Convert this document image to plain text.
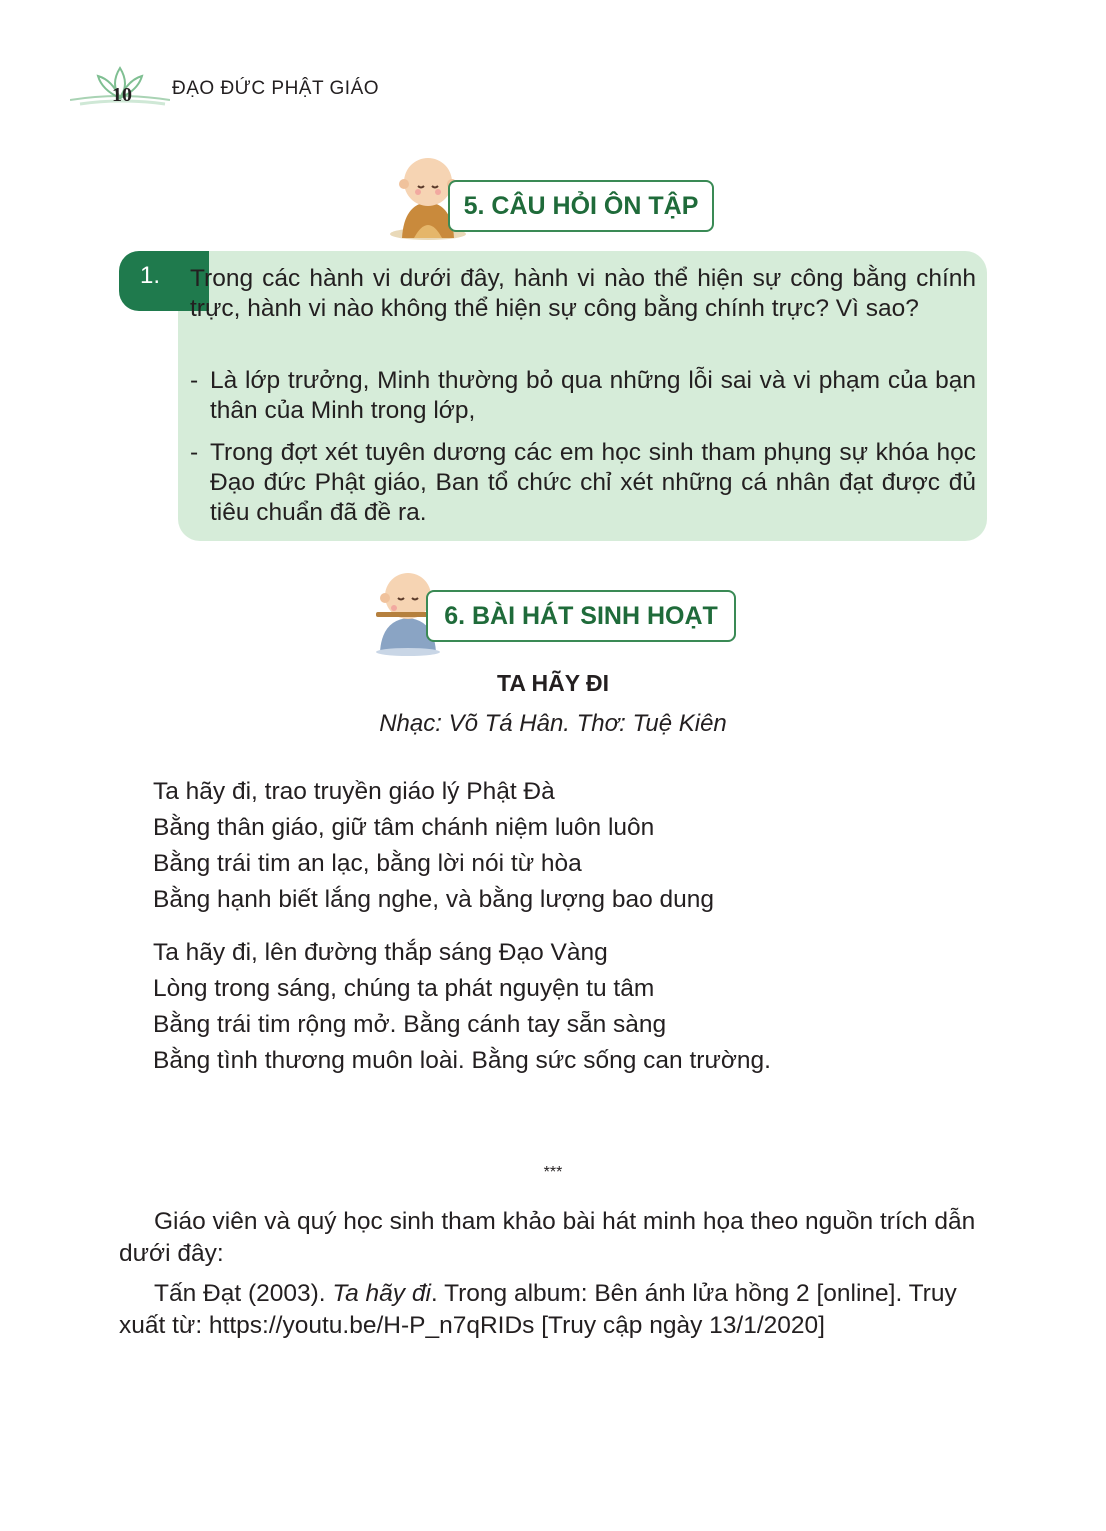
10 ĐẠO ĐỨC PHẬT GIÁO
5. CÂU HỎI ÔN TẬP
1. Trong các hành vi dưới đây, hành vi nào thể hiện sự công bằng chính trực, hành vi nào không thể hiện sự công bằng chính trực? Vì sao?
- Là lớp trưởng, Minh thường bỏ qua những lỗi sai và vi phạm của bạn thân của Minh trong lớp,
- Trong đợt xét tuyên dương các em học sinh tham phụng sự khóa học Đạo đức Phật giáo, Ban tổ chức chỉ xét những cá nhân đạt được đủ tiêu chuẩn đã đề ra.
6. BÀI HÁT SINH HOẠT
TA HÃY ĐI
Nhạc: Võ Tá Hân. Thơ: Tuệ Kiên
Ta hãy đi, trao truyền giáo lý Phật Đà
Bằng thân giáo, giữ tâm chánh niệm luôn luôn
Bằng trái tim an lạc, bằng lời nói từ hòa
Bằng hạnh biết lắng nghe, và bằng lượng bao dung
Ta hãy đi, lên đường thắp sáng Đạo Vàng
Lòng trong sáng, chúng ta phát nguyện tu tâm
Bằng trái tim rộng mở. Bằng cánh tay sẵn sàng
Bằng tình thương muôn loài. Bằng sức sống can trường.
***
Giáo viên và quý học sinh tham khảo bài hát minh họa theo nguồn trích dẫn dưới đây:
Tấn Đạt (2003). Ta hãy đi. Trong album: Bên ánh lửa hồng 2 [online]. Truy xuất từ: https://youtu.be/H-P_n7qRIDs [Truy cập ngày 13/1/2020]
